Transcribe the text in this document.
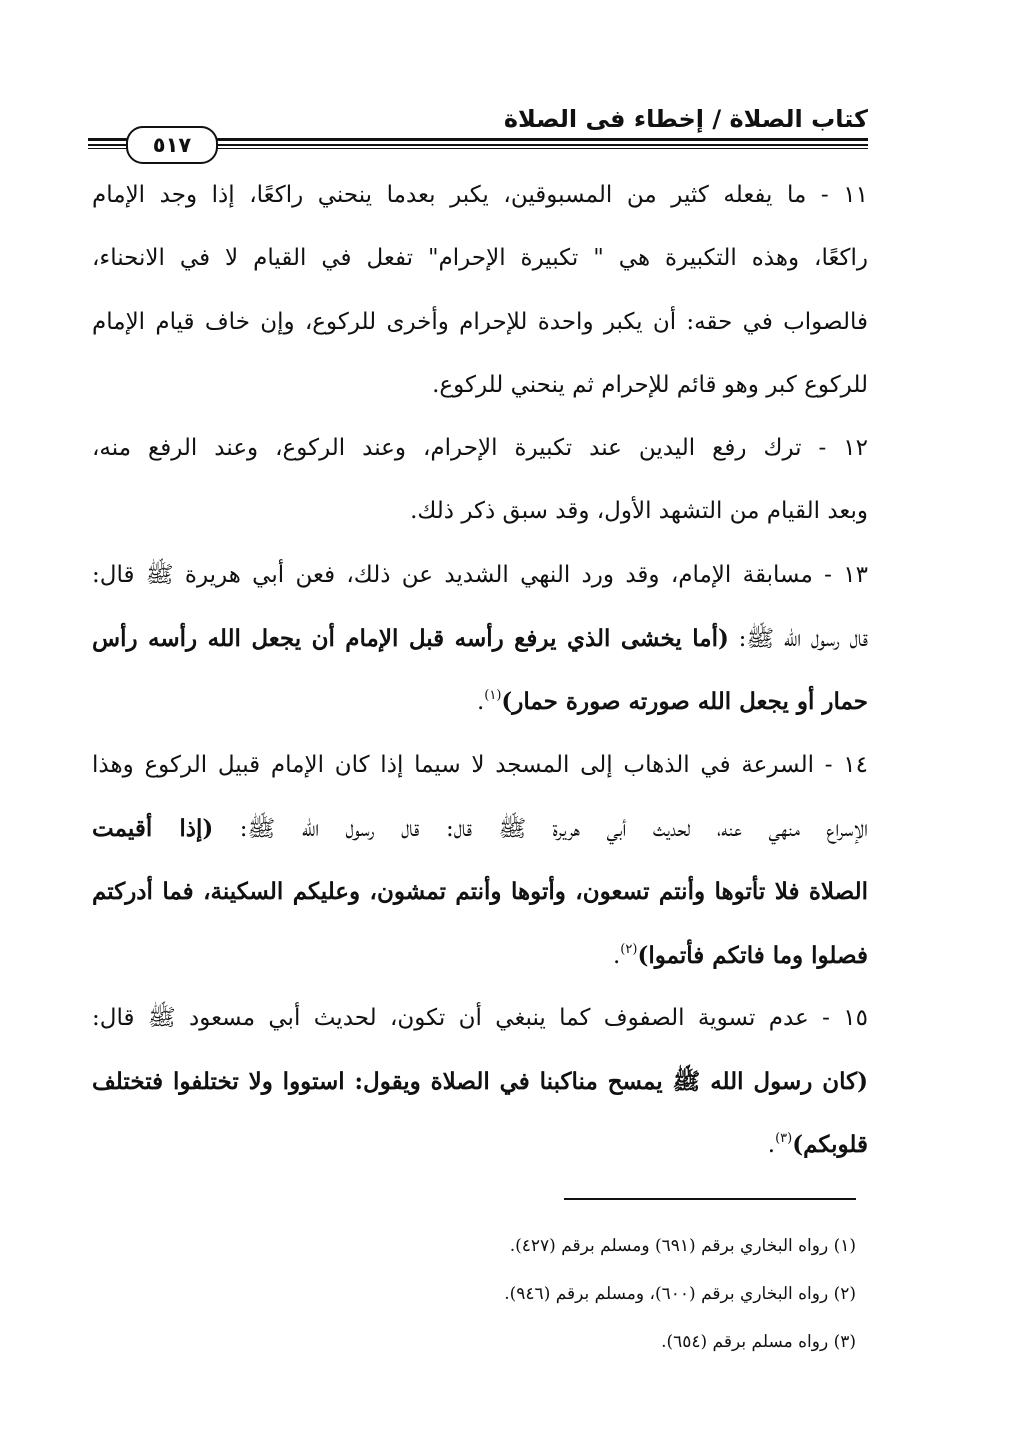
كتاب الصلاة / إخطاء فى الصلاة
٥١٧
١١ - ما يفعله كثير من المسبوقين، يكبر بعدما ينحني راكعًا، إذا وجد الإمام
راكعًا، وهذه التكبيرة هي " تكبيرة الإحرام" تفعل في القيام لا في الانحناء،
فالصواب في حقه: أن يكبر واحدة للإحرام وأخرى للركوع، وإن خاف قيام الإمام
للركوع كبر وهو قائم للإحرام ثم ينحني للركوع.
١٢ - ترك رفع اليدين عند تكبيرة الإحرام، وعند الركوع، وعند الرفع منه،
وبعد القيام من التشهد الأول، وقد سبق ذكر ذلك.
١٣ - مسابقة الإمام، وقد ورد النهي الشديد عن ذلك، فعن أبي هريرة ﷺ قال:
قال رسول الله ﷺ: (أما يخشى الذي يرفع رأسه قبل الإمام أن يجعل الله رأسه رأس
حمار أو يجعل الله صورته صورة حمار)$^{(١)}$.
١٤ - السرعة في الذهاب إلى المسجد لا سيما إذا كان الإمام قبيل الركوع وهذا
الإسراع منهي عنه، لحديث أبي هريرة ﷺ قال: قال رسول الله ﷺ: (إذا أقيمت
الصلاة فلا تأتوها وأنتم تسعون، وأتوها وأنتم تمشون، وعليكم السكينة، فما أدركتم
فصلوا وما فاتكم فأتموا)$^{(٢)}$.
١٥ - عدم تسوية الصفوف كما ينبغي أن تكون، لحديث أبي مسعود ﷺ قال:
(كان رسول الله ﷺ يمسح مناكبنا في الصلاة ويقول: استووا ولا تختلفوا فتختلف
قلوبكم)$^{(٣)}$.
(١) رواه البخاري برقم (٦٩١) ومسلم برقم (٤٢٧).
(٢) رواه البخاري برقم (٦٠٠)، ومسلم برقم (٩٤٦).
(٣) رواه مسلم برقم (٦٥٤).
